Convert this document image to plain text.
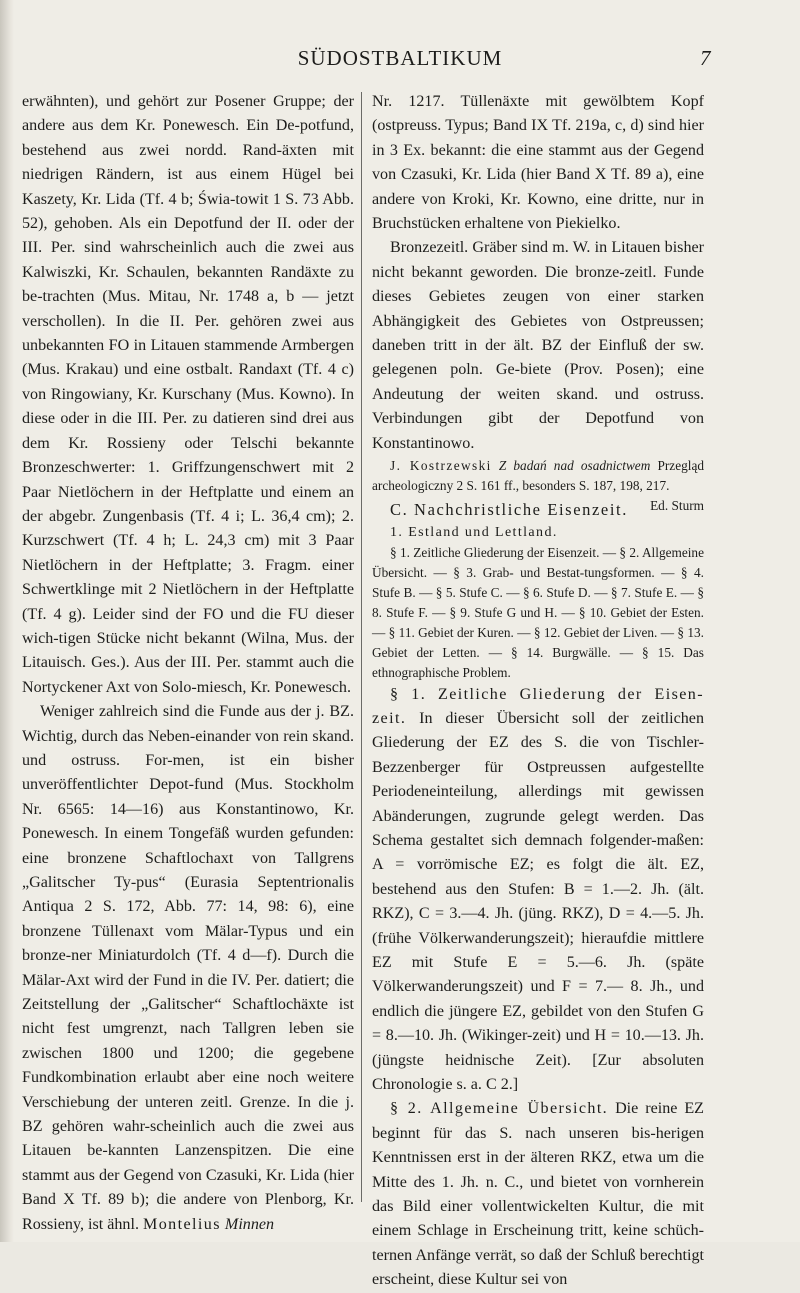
SÜDOSTBALTIKUM	7

erwähnten), und gehört zur Posener Gruppe; der andere aus dem Kr. Ponewesch. Ein De-potfund, bestehend aus zwei nordd. Rand-äxten mit niedrigen Rändern, ist aus einem Hügel bei Kaszety, Kr. Lida (Tf. 4 b; Świa-towit 1 S. 73 Abb. 52), gehoben. Als ein Depotfund der II. oder der III. Per. sind wahrscheinlich auch die zwei aus Kalwiszki, Kr. Schaulen, bekannten Randäxte zu be-trachten (Mus. Mitau, Nr. 1748 a, b — jetzt verschollen). In die II. Per. gehören zwei aus unbekannten FO in Litauen stammende Armbergen (Mus. Krakau) und eine ostbalt. Randaxt (Tf. 4 c) von Ringowiany, Kr. Kurschany (Mus. Kowno). In diese oder in die III. Per. zu datieren sind drei aus dem Kr. Rossieny oder Telschi bekannte Bronzeschwerter: 1. Griffzungenschwert mit 2 Paar Nietlöchern in der Heftplatte und einem an der abgebr. Zungenbasis (Tf. 4 i; L. 36,4 cm); 2. Kurzschwert (Tf. 4 h; L. 24,3 cm) mit 3 Paar Nietlöchern in der Heftplatte; 3. Fragm. einer Schwertklinge mit 2 Nietlöchern in der Heftplatte (Tf. 4 g). Leider sind der FO und die FU dieser wich-tigen Stücke nicht bekannt (Wilna, Mus. der Litauisch. Ges.). Aus der III. Per. stammt auch die Nortyckener Axt von Solo-miesch, Kr. Ponewesch.

Weniger zahlreich sind die Funde aus der j. BZ. Wichtig, durch das Neben-einander von rein skand. und ostruss. For-men, ist ein bisher unveröffentlichter Depot-fund (Mus. Stockholm Nr. 6565: 14—16) aus Konstantinowo, Kr. Ponewesch. In einem Tongefäß wurden gefunden: eine bronzene Schaftlochaxt von Tallgrens „Galitscher Ty-pus“ (Eurasia Septentrionalis Antiqua 2 S. 172, Abb. 77: 14, 98: 6), eine bronzene Tüllenaxt vom Mälar-Typus und ein bronze-ner Miniaturdolch (Tf. 4 d—f). Durch die Mälar-Axt wird der Fund in die IV. Per. datiert; die Zeitstellung der „Galitscher“ Schaftlochäxte ist nicht fest umgrenzt, nach Tallgren leben sie zwischen 1800 und 1200; die gegebene Fundkombination erlaubt aber eine noch weitere Verschiebung der unteren zeitl. Grenze. In die j. BZ gehören wahr-scheinlich auch die zwei aus Litauen be-kannten Lanzenspitzen. Die eine stammt aus der Gegend von Czasuki, Kr. Lida (hier Band X Tf. 89 b); die andere von Plenborg, Kr. Rossieny, ist ähnl. Montelius Minnen

Nr. 1217. Tüllenäxte mit gewölbtem Kopf (ostpreuss. Typus; Band IX Tf. 219a, c, d) sind hier in 3 Ex. bekannt: die eine stammt aus der Gegend von Czasuki, Kr. Lida (hier Band X Tf. 89 a), eine andere von Kroki, Kr. Kowno, eine dritte, nur in Bruchstücken erhaltene von Piekielko.

Bronzezeitl. Gräber sind m. W. in Litauen bisher nicht bekannt geworden. Die bronze-zeitl. Funde dieses Gebietes zeugen von einer starken Abhängigkeit des Gebietes von Ostpreussen; daneben tritt in der ält. BZ der Einfluß der sw. gelegenen poln. Ge-biete (Prov. Posen); eine Andeutung der weiten skand. und ostruss. Verbindungen gibt der Depotfund von Konstantinowo.

J. Kostrzewski Z badań nad osadnictwem Przegląd archeologiczny 2 S. 161 ff., besonders S. 187, 198, 217.
Ed. Sturm

C. Nachchristliche Eisenzeit.

1. Estland und Lettland.

§ 1. Zeitliche Gliederung der Eisenzeit. — § 2. Allgemeine Übersicht. — § 3. Grab- und Bestat-tungsformen. — § 4. Stufe B. — § 5. Stufe C. — § 6. Stufe D. — § 7. Stufe E. — § 8. Stufe F. — § 9. Stufe G und H. — § 10. Gebiet der Esten. — § 11. Gebiet der Kuren. — § 12. Gebiet der Liven. — § 13. Gebiet der Letten. — § 14. Burgwälle. — § 15. Das ethnographische Problem.

§ 1. Zeitliche Gliederung der Eisen-zeit. In dieser Übersicht soll der zeitlichen Gliederung der EZ des S. die von Tischler-Bezzenberger für Ostpreussen aufgestellte Periodeneinteilung, allerdings mit gewissen Abänderungen, zugrunde gelegt werden. Das Schema gestaltet sich demnach folgender-maßen: A = vorrömische EZ; es folgt die ält. EZ, bestehend aus den Stufen: B = 1.—2. Jh. (ält. RKZ), C = 3.—4. Jh. (jüng. RKZ), D = 4.—5. Jh. (frühe Völkerwanderungszeit); hieraufdie mittlere EZ mit Stufe E = 5.—6. Jh. (späte Völkerwanderungszeit) und F = 7.— 8. Jh., und endlich die jüngere EZ, gebildet von den Stufen G = 8.—10. Jh. (Wikinger-zeit) und H = 10.—13. Jh. (jüngste heidnische Zeit). [Zur absoluten Chronologie s. a. C 2.]

§ 2. Allgemeine Übersicht. Die reine EZ beginnt für das S. nach unseren bis-herigen Kenntnissen erst in der älteren RKZ, etwa um die Mitte des 1. Jh. n. C., und bietet von vornherein das Bild einer vollentwickelten Kultur, die mit einem Schlage in Erscheinung tritt, keine schüch-ternen Anfänge verrät, so daß der Schluß berechtigt erscheint, diese Kultur sei von
